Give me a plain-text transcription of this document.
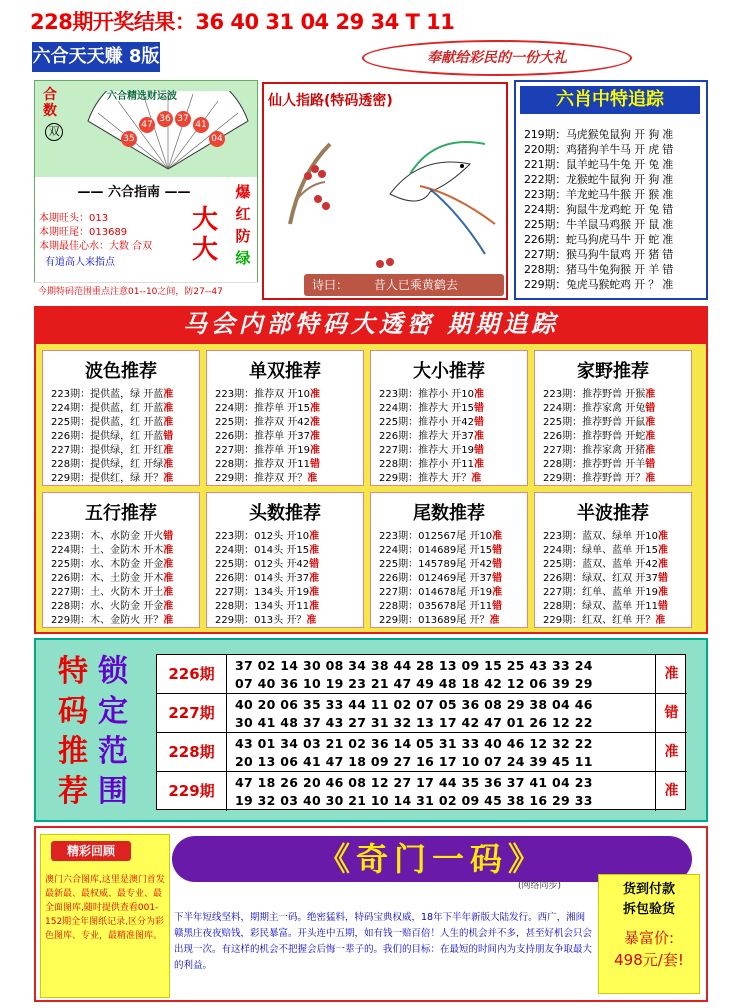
228期开奖结果：36 40 31 04 29 34 T 11
六合天天赚 8版	奉献给彩民的一份大礼
合数
双
六合精选财运波
47
36 37
41
35	04
—— 六合指南 ——
本期旺头：013
本期旺尾：013689
本期最佳心水：大数 合双
有道高人来指点
大大
爆
红
防
绿
今期特码范围重点注意01--10之间，防27--47
仙人指路(特码透密)
诗曰： 昔人已乘黄鹤去
六肖中特追踪
219期：马虎猴兔鼠狗 开 狗 准
220期：鸡猪狗羊牛马 开 虎 错
221期：鼠羊蛇马牛兔 开 兔 准
222期：龙猴蛇牛鼠狗 开 狗 准
223期：羊龙蛇马牛猴 开 猴 准
224期：狗鼠牛龙鸡蛇 开 兔 错
225期：牛羊鼠马鸡猴 开 鼠 准
226期：蛇马狗虎马牛 开 蛇 准
227期：猴马狗牛鼠鸡 开 猪 错
228期：猪马牛兔狗猴 开 羊 错
229期：兔虎马猴蛇鸡 开 ？ 准
马会内部特码大透密 期期追踪
波色推荐
223期：提供蓝，绿 开蓝准
224期：提供蓝，红 开蓝准
225期：提供蓝，红 开蓝准
226期：提供绿，红 开蓝错
227期：提供绿，红 开红准
228期：提供绿，红 开绿准
229期：提供红，绿 开？准
单双推荐
223期：推荐双 开10准
224期：推荐单 开15准
225期：推荐双 开42准
226期：推荐单 开37准
227期：推荐单 开19准
228期：推荐双 开11错
229期：推荐双 开？准
大小推荐
223期：推荐小 开10准
224期：推荐大 开15错
225期：推荐小 开42错
226期：推荐大 开37准
227期：推荐大 开19错
228期：推荐小 开11准
229期：推荐大 开？准
家野推荐
223期：推荐野兽 开猴准
224期：推荐家禽 开兔错
225期：推荐野兽 开鼠准
226期：推荐野兽 开蛇准
227期：推荐家禽 开猪准
228期：推荐野兽 开羊错
229期：推荐野兽 开？准
五行推荐
223期：木、水防金 开火错
224期：土、金防木 开木准
225期：水、木防金 开金准
226期：木、土防金 开木准
227期：土、火防木 开土准
228期：水、火防金 开金准
229期：木、金防火 开？准
头数推荐
223期：012头 开10准
224期：014头 开15准
225期：012头 开42错
226期：014头 开37准
227期：134头 开19准
228期：134头 开11准
229期：013头 开？准
尾数推荐
223期：012567尾 开10准
224期：014689尾 开15错
225期：145789尾 开42错
226期：012469尾 开37错
227期：014678尾 开19准
228期：035678尾 开11错
229期：013689尾 开？准
半波推荐
223期：蓝双、绿单 开10准
224期：绿单、蓝单 开15准
225期：蓝双、蓝单 开42准
226期：绿双、红双 开37错
227期：红单、蓝单 开19准
228期：绿双、蓝单 开11错
229期：红双、红单 开？准
特
码
推
荐
锁
定
范
围
226期	37 02 14 30 08 34 38 44 28 13 09 15 25 43 33 24
07 40 36 10 19 23 21 47 49 48 18 42 12 06 39 29
准
227期	40 20 06 35 33 44 11 02 07 05 36 08 29 38 04 46
30 41 48 37 43 27 31 32 13 17 42 47 01 26 12 22
错
228期	43 01 34 03 21 02 36 14 05 31 33 40 46 12 32 22
20 13 06 41 47 18 09 27 16 17 10 07 24 39 45 11
准
229期	47 18 26 20 46 08 12 27 17 44 35 36 37 41 04 23
19 32 03 40 30 21 10 14 31 02 09 45 38 16 29 33
准
精彩回顾
澳门六合图库,这里是澳门首发最新最、最权威、最专业、最全面图库,随时提供查看001-152期全年图纸记录,区分为彩色图库、专业，最精准图库。
《奇门一码》
(网络同步)	货到付款
拆包验货
暴富价:
498元/套!
下半年短线坚料，期期主一码。绝密猛料，特码宝典权威，18年下半年新版大陆发行。西广，湘闽赣黑庄夜夜赔钱，彩民暴富。开头连中五期，如有钱一赔百倍！人生的机会并不多，甚至好机会只会出现一次。有这样的机会不把握会后悔一辈子的。我们的目标：在最短的时间内为支持朋友争取最大的利益。
